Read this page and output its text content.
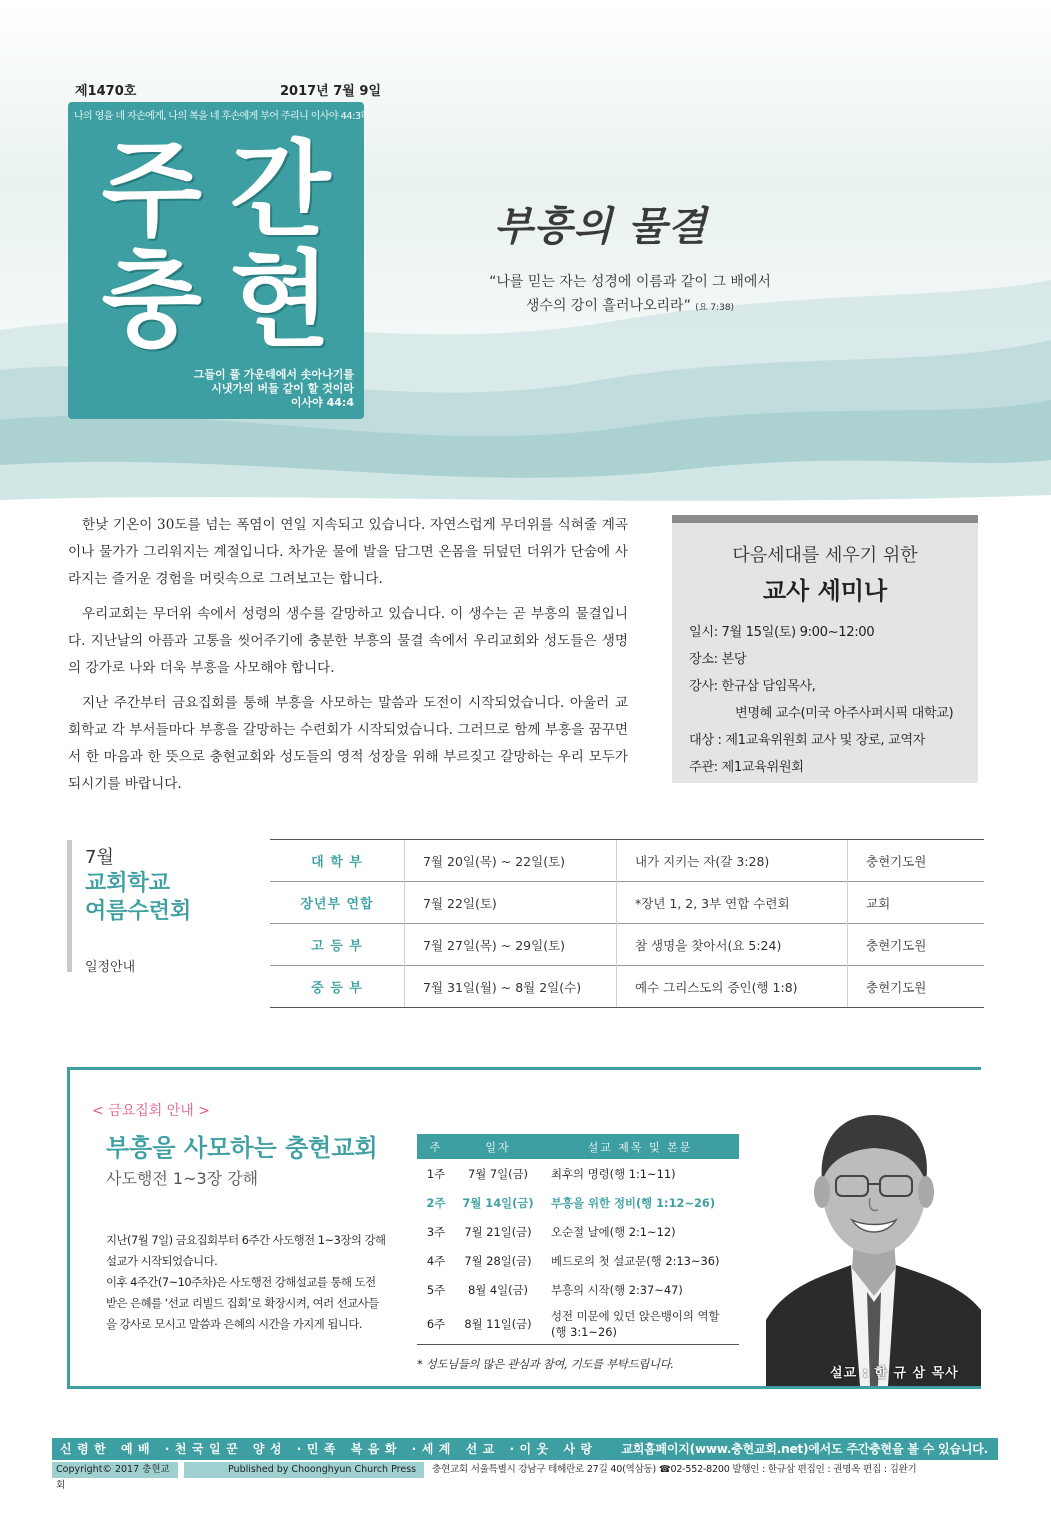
제1470호	2017년 7월 9일
나의 영을 네 자손에게, 나의 복을 네 후손에게 부어 주리니 이사야 44:3하
주간
충현
그들이 풀 가운데에서 솟아나기를
시냇가의 버들 같이 할 것이라
이사야 44:4
부흥의 물결
“나를 믿는 자는 성경에 이름과 같이 그 배에서
생수의 강이 흘러나오리라” (요 7:38)

한낮 기온이 30도를 넘는 폭염이 연일 지속되고 있습니다. 자연스럽게 무더위를 식혀줄 계곡이나 물가가 그리워지는 계절입니다. 차가운 물에 발을 담그면 온몸을 뒤덮던 더위가 단숨에 사라지는 즐거운 경험을 머릿속으로 그려보고는 합니다.

우리교회는 무더위 속에서 성령의 생수를 갈망하고 있습니다. 이 생수는 곧 부흥의 물결입니다. 지난날의 아픔과 고통을 씻어주기에 충분한 부흥의 물결 속에서 우리교회와 성도들은 생명의 강가로 나와 더욱 부흥을 사모해야 합니다.

지난 주간부터 금요집회를 통해 부흥을 사모하는 말씀과 도전이 시작되었습니다. 아울러 교회학교 각 부서들마다 부흥을 갈망하는 수련회가 시작되었습니다. 그러므로 함께 부흥을 꿈꾸면서 한 마음과 한 뜻으로 충현교회와 성도들의 영적 성장을 위해 부르짖고 갈망하는 우리 모두가 되시기를 바랍니다.

다음세대를 세우기 위한
교사 세미나
일시: 7월 15일(토) 9:00~12:00
장소: 본당
강사: 한규삼 담임목사,
변명혜 교수(미국 아주사퍼시픽 대학교)
대상 : 제1교육위원회 교사 및 장로, 교역자
주관: 제1교육위원회
7월
교회학교
여름수련회
일정안내
대 학 부	7월 20일(목) ~ 22일(토)	내가 지키는 자(갈 3:28)	충현기도원
장년부 연합	7월 22일(토)	*장년 1, 2, 3부 연합 수련회	교회
고 등 부	7월 27일(목) ~ 29일(토)	참 생명을 찾아서(요 5:24)	충현기도원
중 등 부	7월 31일(월) ~ 8월 2일(수)	예수 그리스도의 증인(행 1:8)	충현기도원
< 금요집회 안내 >
부흥을 사모하는 충현교회
사도행전 1~3장 강해
지난(7월 7일) 금요집회부터 6주간 사도행전 1~3장의 강해
설교가 시작되었습니다.
이후 4주간(7~10주차)은 사도행전 강해설교를 통해 도전
받은 은혜를 ‘선교 리빌드 집회’로 확장시켜, 여러 선교사들
을 강사로 모시고 말씀과 은혜의 시간을 가지게 됩니다.
주	일자	설교 제목 및 본문
1주	7월 7일(금)	최후의 명령(행 1:1~11)
2주	7월 14일(금)	부흥을 위한 정비(행 1:12~26)
3주	7월 21일(금)	오순절 날에(행 2:1~12)
4주	7월 28일(금)	베드로의 첫 설교문(행 2:13~36)
5주	8월 4일(금)	부흥의 시작(행 2:37~47)
6주	8월 11일(금)	성전 미문에 있던 앉은뱅이의 역할 (행 3:1~26)
* 성도님들의 많은 관심과 참여, 기도를 부탁드립니다.
설교 : 한 규 삼 목사
신령한 예배 ·천국일꾼 양성 ·민족 복음화 ·세계 선교 ·이웃 사랑 교회홈페이지(www.충현교회.net)에서도 주간충현을 볼 수 있습니다.
Copyright© 2017 충현교회
Published by Choonghyun Church Press	충현교회 서울특별시 강남구 테헤란로 27길 40(역삼동) ☎02-552-8200 발행인 : 한규삼 편집인 : 권명옥 편집 : 김완기
